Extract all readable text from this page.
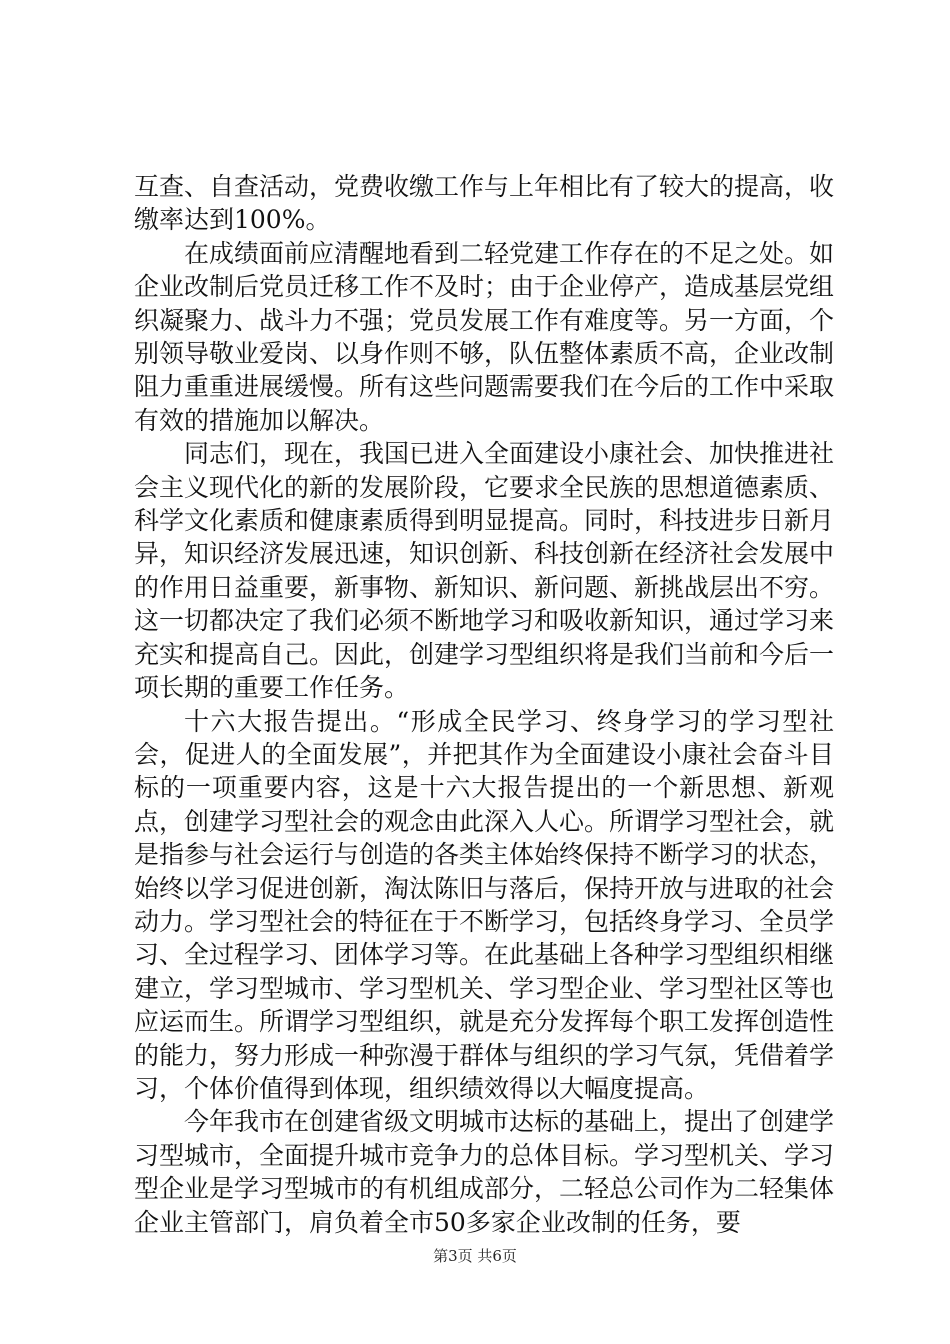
互查、自查活动，党费收缴工作与上年相比有了较大的提高，收缴率达到100%。

在成绩面前应清醒地看到二轻党建工作存在的不足之处。如企业改制后党员迁移工作不及时；由于企业停产，造成基层党组织凝聚力、战斗力不强；党员发展工作有难度等。另一方面，个别领导敬业爱岗、以身作则不够，队伍整体素质不高，企业改制阻力重重进展缓慢。所有这些问题需要我们在今后的工作中采取有效的措施加以解决。

同志们，现在，我国已进入全面建设小康社会、加快推进社会主义现代化的新的发展阶段，它要求全民族的思想道德素质、科学文化素质和健康素质得到明显提高。同时，科技进步日新月异，知识经济发展迅速，知识创新、科技创新在经济社会发展中的作用日益重要，新事物、新知识、新问题、新挑战层出不穷。这一切都决定了我们必须不断地学习和吸收新知识，通过学习来充实和提高自己。因此，创建学习型组织将是我们当前和今后一项长期的重要工作任务。

十六大报告提出。“形成全民学习、终身学习的学习型社会，促进人的全面发展”，并把其作为全面建设小康社会奋斗目标的一项重要内容，这是十六大报告提出的一个新思想、新观点，创建学习型社会的观念由此深入人心。所谓学习型社会，就是指参与社会运行与创造的各类主体始终保持不断学习的状态，始终以学习促进创新，淘汰陈旧与落后，保持开放与进取的社会动力。学习型社会的特征在于不断学习，包括终身学习、全员学习、全过程学习、团体学习等。在此基础上各种学习型组织相继建立，学习型城市、学习型机关、学习型企业、学习型社区等也应运而生。所谓学习型组织，就是充分发挥每个职工发挥创造性的能力，努力形成一种弥漫于群体与组织的学习气氛，凭借着学习，个体价值得到体现，组织绩效得以大幅度提高。

今年我市在创建省级文明城市达标的基础上，提出了创建学习型城市，全面提升城市竞争力的总体目标。学习型机关、学习型企业是学习型城市的有机组成部分，二轻总公司作为二轻集体企业主管部门，肩负着全市50多家企业改制的任务，要

第3页 共6页
